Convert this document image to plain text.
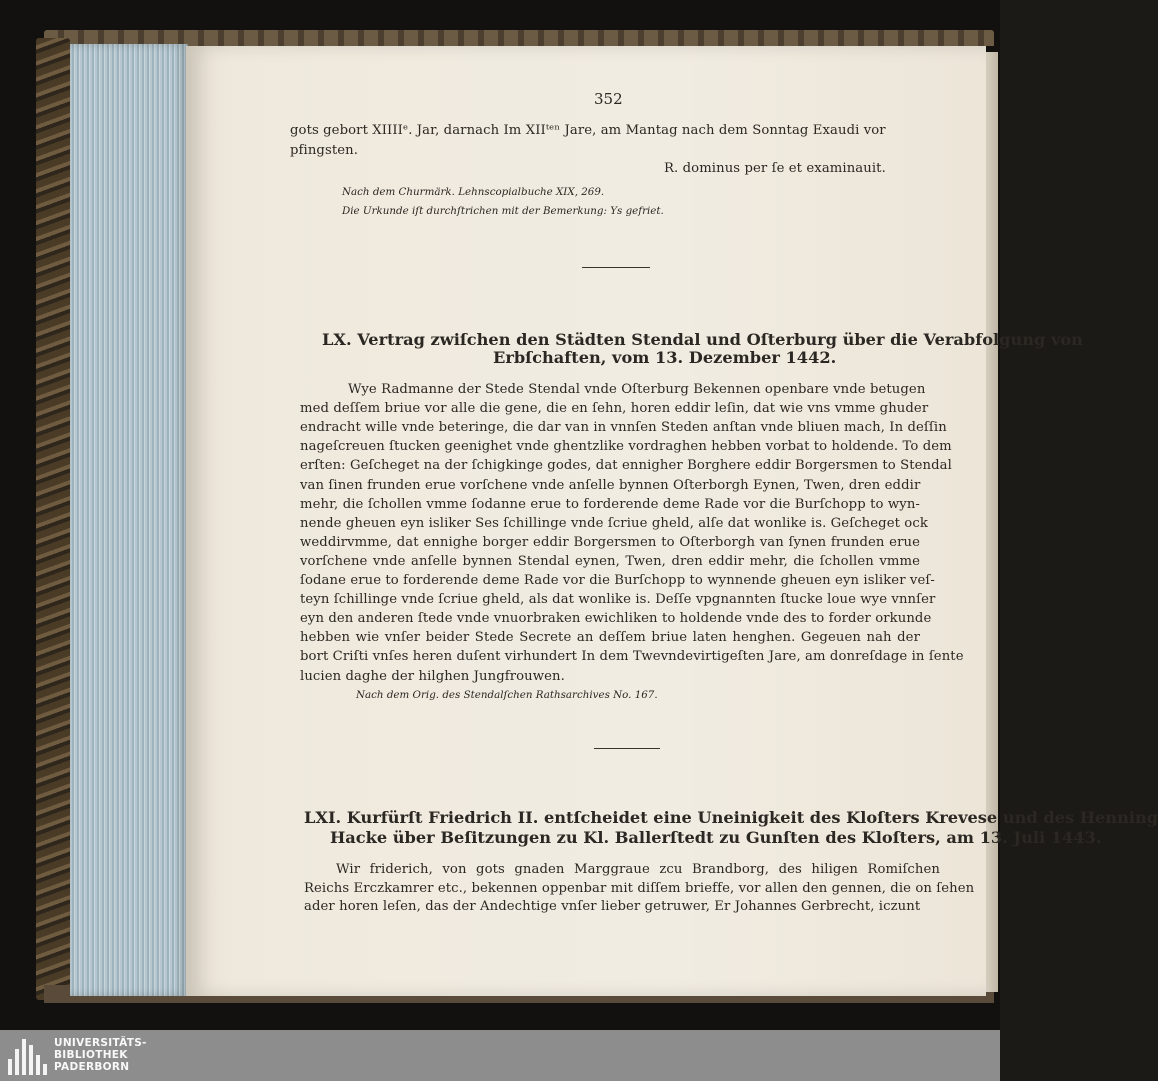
352
gots gebort XIIIIᵉ. Jar, darnach Im XIIᵗᵉⁿ Jare, am Mantag nach dem Sonntag Exaudi vor
pfingsten.
R. dominus per ſe et examinauit.
Nach dem Churmärk. Lehnscopialbuche XIX, 269.
Die Urkunde iſt durchſtrichen mit der Bemerkung: Ys gefriet.
LX. Vertrag zwiſchen den Städten Stendal und Oſterburg über die Verabfolgung von
Erbſchaften, vom 13. Dezember 1442.
Wye Radmanne der Stede Stendal vnde Oſterburg Bekennen openbare vnde betugen
med deſſem briue vor alle die gene, die en ſehn, horen eddir leſin, dat wie vns vmme ghuder
endracht wille vnde beteringe, die dar van in vnnſen Steden anſtan vnde bliuen mach, In deſſin
nageſcreuen ſtucken geenighet vnde ghentzlike vordraghen hebben vorbat to holdende. To dem
erſten: Geſcheget na der ſchigkinge godes, dat ennigher Borghere eddir Borgersmen to Stendal
van ſinen frunden erue vorſchene vnde anſelle bynnen Oſterborgh Eynen, Twen, dren eddir
mehr, die ſchollen vmme ſodanne erue to forderende deme Rade vor die Burſchopp to wyn-
nende gheuen eyn isliker Ses ſchillinge vnde ſcriue gheld, alſe dat wonlike is. Geſcheget ock
weddirvmme, dat ennighe borger eddir Borgersmen to Oſterborgh van ſynen frunden erue
vorſchene vnde anſelle bynnen Stendal eynen, Twen, dren eddir mehr, die ſchollen vmme
ſodane erue to forderende deme Rade vor die Burſchopp to wynnende gheuen eyn isliker veſ-
teyn ſchillinge vnde ſcriue gheld, als dat wonlike is. Deſſe vpgnannten ſtucke loue wye vnnſer
eyn den anderen ſtede vnde vnuorbraken ewichliken to holdende vnde des to forder orkunde
hebben wie vnſer beider Stede Secrete an deſſem briue laten henghen. Gegeuen nah der
bort Criſti vnſes heren duſent virhundert In dem Twevndevirtigeſten Jare, am donreſdage in ſente
lucien daghe der hilghen Jungfrouwen.
Nach dem Orig. des Stendalſchen Rathsarchives No. 167.
LXI. Kurfürſt Friedrich II. entſcheidet eine Uneinigkeit des Kloſters Krevese und des Henning
Hacke über Beſitzungen zu Kl. Ballerſtedt zu Gunſten des Kloſters, am 13. Juli 1443.
Wir friderich, von gots gnaden Marggraue zcu Brandborg, des hiligen Romiſchen
Reichs Erczkamrer etc., bekennen oppenbar mit diſſem brieffe, vor allen den gennen, die on ſehen
ader horen leſen, das der Andechtige vnſer lieber getruwer, Er Johannes Gerbrecht, iczunt
UNIVERSITÄTS-
BIBLIOTHEK
PADERBORN
